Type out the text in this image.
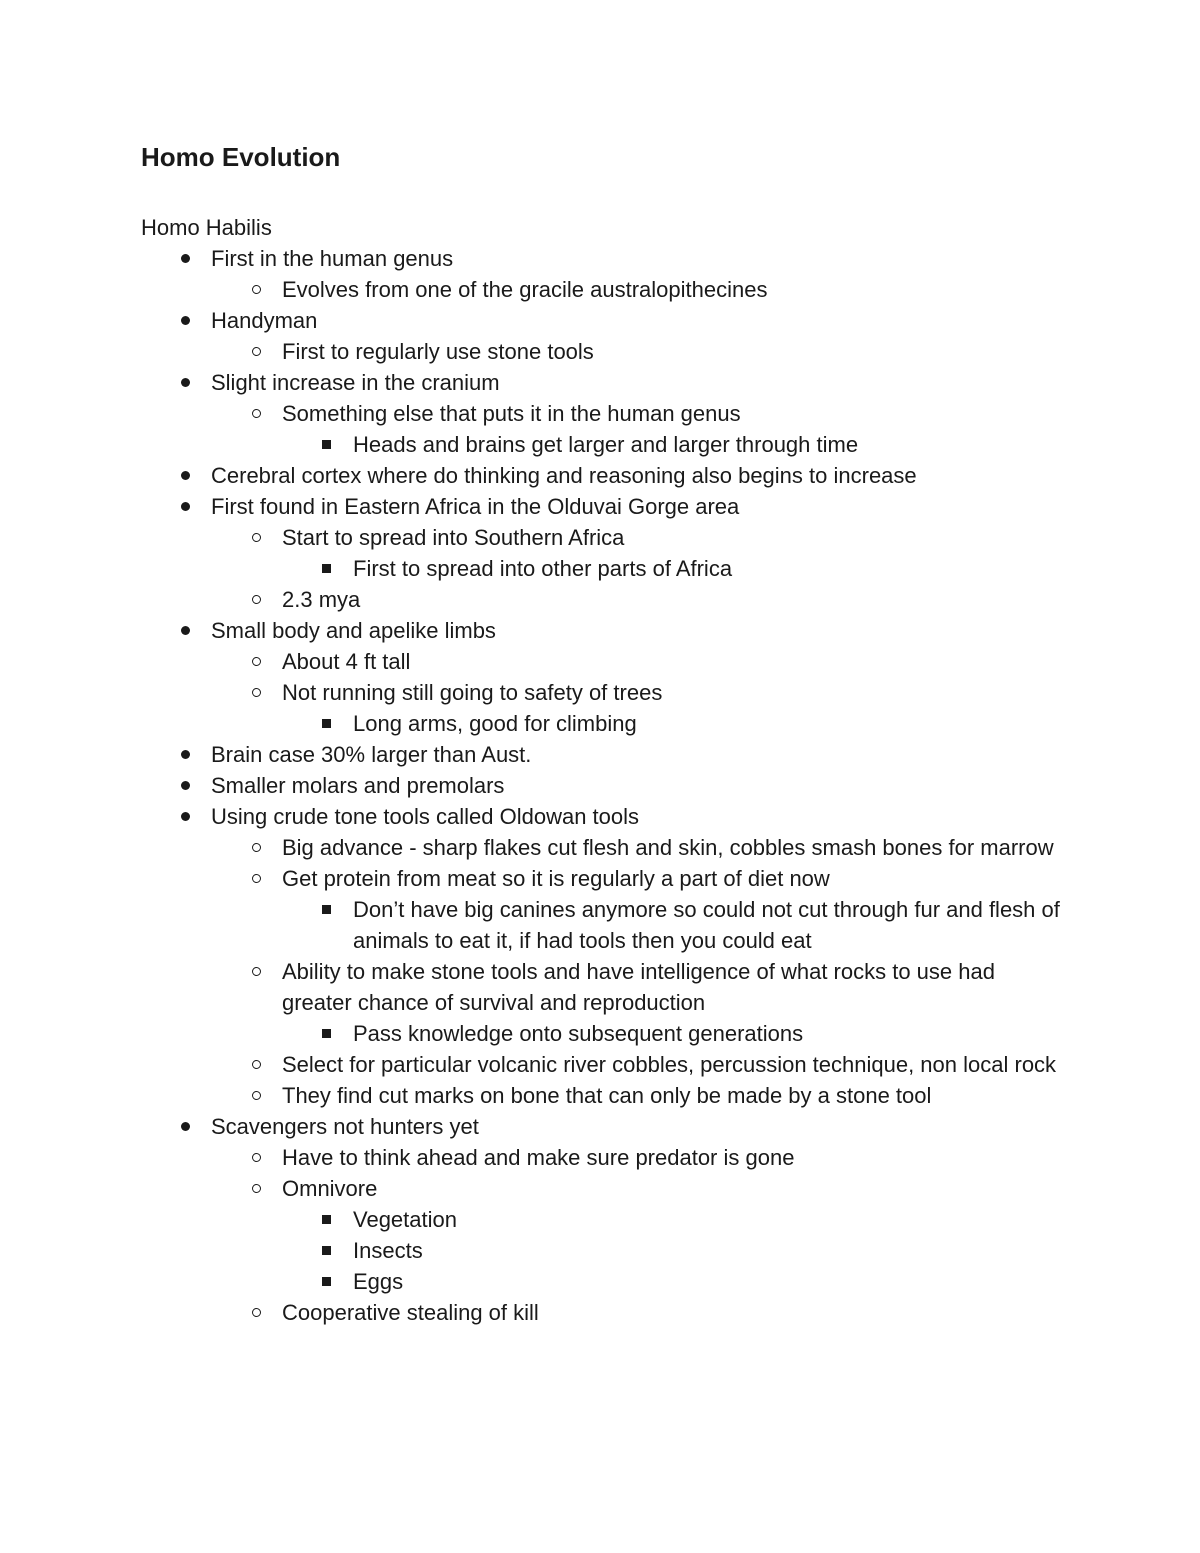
Homo Evolution

Homo Habilis

First in the human genus
Evolves from one of the gracile australopithecines
Handyman
First to regularly use stone tools
Slight increase in the cranium
Something else that puts it in the human genus
Heads and brains get larger and larger through time
Cerebral cortex where do thinking and reasoning also begins to increase
First found in Eastern Africa in the Olduvai Gorge area
Start to spread into Southern Africa
First to spread into other parts of Africa
2.3 mya
Small body and apelike limbs
About 4 ft tall
Not running still going to safety of trees
Long arms, good for climbing
Brain case 30% larger than Aust.
Smaller molars and premolars
Using crude tone tools called Oldowan tools
Big advance - sharp flakes cut flesh and skin, cobbles smash bones for marrow
Get protein from meat so it is regularly a part of diet now
Don’t have big canines anymore so could not cut through fur and flesh of animals to eat it, if had tools then you could eat
Ability to make stone tools and have intelligence of what rocks to use had greater chance of survival and reproduction
Pass knowledge onto subsequent generations
Select for particular volcanic river cobbles, percussion technique, non local rock
They find cut marks on bone that can only be made by a stone tool
Scavengers not hunters yet
Have to think ahead and make sure predator is gone
Omnivore
Vegetation
Insects
Eggs
Cooperative stealing of kill
